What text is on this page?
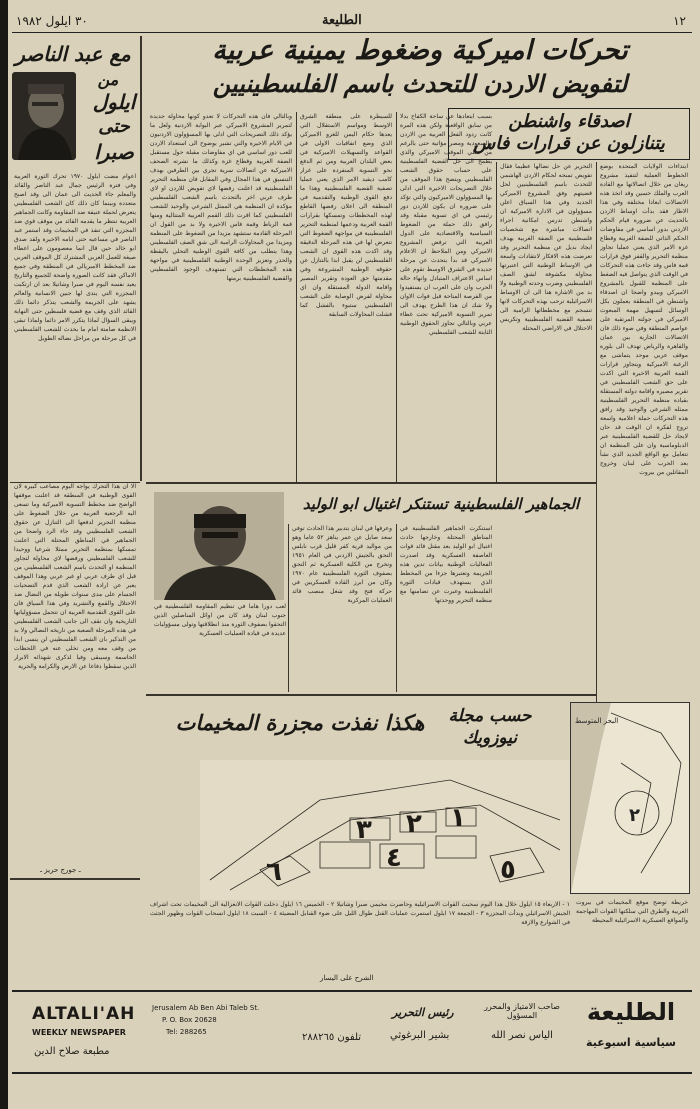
٣٠ ايلول ١٩٨٢	الطليعة	١٢
مع عبد الناصر
من
ايلول
حتى
صبرا
اعوام مضت ايلول ١٩٧٠ تحرك الثورة العربية وفي فترة الرئيس جمال عبد الناصر والقائد والمعلم جاء الحديث الى عمان الى وقد اصبح متعددة وبينما كان ذلك كان الشعب الفلسطيني يتعرض لحملة عنيفة ضد المقاومة وكانت الجماهير العربية تنتظر ما يقدمه القائد من موقف قوي ضد المجزرة التي تنفذ في المخيمات وقد استمر عبد الناصر في مساعيه حتى ايامه الاخيرة ولقد صدق ابو خالد حين قال انما معصومون على اعطاء صيغة للعمل العربي المشترك كل الموقف العربي ضد المخطط الامبريالي في المنطقة وفي جميع الاماكن فقد كانت الصورة واضحة للجميع والتاريخ يعيد نفسه اليوم في صبرا وشاتيلا بعد ان ارتكبت المجزرة التي يندى لها جبين الانسانية والعالم يشهد على الجريمة والشعب يتذكر دائما ذلك القائد الذي وقف مع قضية فلسطين حتى النهاية ويبقى السؤال لماذا يتكرر الامر دائما ولماذا تبقى الانظمة صامتة امام ما يحدث للشعب الفلسطيني في كل مرحلة من مراحل نضاله الطويل
الا ان هذا التحرك يواجه اليوم مصاعب كبيرة لان القوى الوطنية في المنطقة قد اعلنت موقفها الواضح ضد مخطط التسوية الاميركية وما تسعى اليه الرجعية العربية من خلال الضغوط على منظمة التحرير لدفعها الى التنازل عن حقوق الشعب الفلسطيني وقد جاء الرد واضحا من الجماهير في المناطق المحتلة التي اعلنت تمسكها بمنظمة التحرير ممثلا شرعيا ووحيدا للشعب الفلسطيني ورفضها لاي محاولة لتجاوز المنظمة او التحدث باسم الشعب الفلسطيني من قبل اي طرف عربي او غير عربي وهذا الموقف يعبر عن ارادة الشعب الذي قدم التضحيات الجسام على مدى سنوات طويلة من النضال ضد الاحتلال والقمع والتشريد وفي هذا السياق فان على القوى التقدمية العربية ان تتحمل مسؤولياتها التاريخية وان تقف الى جانب الشعب الفلسطيني في هذه المرحلة الصعبة من تاريخه النضالي ولا بد من التذكير بان الشعب الفلسطيني لن ينسى ابدا من وقف معه ومن تخلى عنه في اللحظات الحاسمة وسيبقى وفيا لذكرى شهدائه الابرار الذين سقطوا دفاعا عن الارض والكرامة والحرية
ـ جورج حريز ـ
تحركات اميركية وضغوط يمينية عربية
لتفويض الاردن للتحدث باسم الفلسطينيين
اصدقاء واشنطن
يتنازلون عن قرارات فاس
ابتداءات الولايات المتحدة بوضع الخطوط العملية لتنفيذ مشروع ريغان من خلال اتصالاتها مع القادة العرب والملك حسين وقد اتخذ هذه الاتصالات ابعادا مختلفة وفي هذا الاطار فقد بدأت اوساط الاردن بالحديث عن ضرورة قيام الحكم الاردني بدور اساسي في مفاوضات الحكم الذاتي للضفة الغربية وقطاع غزة الامر الذي يعني عمليا تجاوز منظمة التحرير والقفز فوق قرارات قمة فاس وقد جاءت هذه التحركات في الوقت الذي يتواصل فيه الضغط على المنظمة للقبول بالمشروع الاميركي ويبدو واضحا ان اصدقاء واشنطن في المنطقة يعملون بكل الوسائل لتسهيل مهمة المبعوث الاميركي في جولته المرتقبة على عواصم المنطقة وفي ضوء ذلك فان الاتصالات الجارية بين عمان والقاهرة والرياض تهدف الى بلورة موقف عربي موحد يتماشى مع الرغبة الاميركية ويتجاوز قرارات القمة العربية الاخيرة التي اكدت على حق الشعب الفلسطيني في تقرير مصيره واقامة دولته المستقلة بقيادة منظمة التحرير الفلسطينية ممثله الشرعي والوحيد وقد رافق هذه التحركات حملة اعلامية واسعة تروج لفكرة ان الوقت قد حان لايجاد حل للقضية الفلسطينية عبر الدبلوماسية وان على المنظمة ان تتعامل مع الواقع الجديد الذي نشأ بعد الحرب على لبنان وخروج المقاتلين من بيروت
التحرير عن حل نضالها عظيما فقال تفويض تمنحه لحكام الاردن الهاشمي للتحدث باسم الفلسطينيين لحل قضيتهم وفق المشروع الاميركي الجديد وفي هذا السياق اعلن مسؤولون في الادارة الاميركية ان واشنطن تدرس امكانية اجراء اتصالات مباشرة مع شخصيات فلسطينية من الضفة الغربية بهدف ايجاد بديل عن منظمة التحرير وقد تعرضت هذه الافكار لانتقادات واسعة في الاوساط الوطنية التي اعتبرتها محاولة مكشوفة لشق الصف الفلسطيني وضرب وحدته الوطنية ولا بد من الاشارة هنا الى ان الاوساط الاسرائيلية ترحب بهذه التحركات لانها تنسجم مع مخططاتها الرامية الى تصفية القضية الفلسطينية وتكريس الاحتلال في الاراضي المحتلة
بسبب ابتعادها عن ساحة الكفاح بدلا من سابق الواقعية ولكن هذه المرة كانت ردود الفعل العربية من الاردن والسعودية ومصر مؤاتية حتى بالرغم من تخلي الموقف الاميركي والذي يطمح الى حل القضية الفلسطينية على حساب حقوق الشعب الفلسطيني ويتضح هذا الموقف من خلال التصريحات الاخيرة التي ادلى بها المسؤولون الاميركيون والتي تؤكد على ضرورة ان يكون للاردن دور رئيسي في اي تسوية مقبلة وقد رافق ذلك حملة من الضغوط السياسية والاقتصادية على الدول العربية التي ترفض المشروع الاميركي ومن الملاحظ ان الاعلام الاميركي قد بدأ يتحدث عن مرحلة جديدة في الشرق الاوسط تقوم على اساس الاعتراف المتبادل وانهاء حالة الحرب وان على العرب ان يستفيدوا من الفرصة المتاحة قبل فوات الاوان ولا شك ان هذا الطرح يهدف الى تمرير التسوية الاميركية تحت غطاء عربي وبالتالي تجاوز الحقوق الوطنية الثابتة للشعب الفلسطيني
للسيطرة على منطقة الشرق الاوسط ومواسم الاستقلال التي يعدها حكام اليمن للغزو الاميركي الذي وضع اتفاقيات الاولى في القواعد والتسهيلات الاميركية في بعض البلدان العربية ومن ثم الدفع نحو التسوية المنفردة على غرار كامب ديفيد الامر الذي يعني عمليا تصفية القضية الفلسطينية وهذا ما دفع القوى الوطنية والتقدمية في المنطقة الى اعلان رفضها القاطع لهذه المخططات وتمسكها بقرارات القمة العربية ودعمها لمنظمة التحرير الفلسطينية في مواجهة الضغوط التي تتعرض لها في هذه المرحلة الدقيقة وقد اكدت هذه القوى ان الشعب الفلسطيني لن يقبل ابدا بالتنازل عن حقوقه الوطنية المشروعة وفي مقدمتها حق العودة وتقرير المصير واقامة الدولة المستقلة وان اي محاولة لفرض الوصاية على الشعب الفلسطيني ستبوء بالفشل كما فشلت المحاولات السابقة
وبالتالي فان هذه التحركات لا تعدو كونها محاولة جديدة لتمرير المشروع الاميركي عبر البوابة الاردنية ولعل ما يؤكد ذلك التصريحات التي ادلى بها المسؤولون الاردنيون في الايام الاخيرة والتي تشير بوضوح الى استعداد الاردن للعب دور اساسي في اي مفاوضات مقبلة حول مستقبل الضفة الغربية وقطاع غزة وكذلك ما نشرته الصحف الاميركية عن اتصالات سرية تجري بين الطرفين بهدف التنسيق في هذا المجال وفي المقابل فان منظمة التحرير الفلسطينية قد اعلنت رفضها لاي تفويض للاردن او لاي طرف عربي اخر بالتحدث باسم الشعب الفلسطيني مؤكدة ان المنظمة هي الممثل الشرعي والوحيد للشعب الفلسطيني كما اقرت ذلك القمم العربية المتتالية ومنها قمة الرباط وقمة فاس الاخيرة ولا بد من القول ان المرحلة القادمة ستشهد مزيدا من الضغوط على المنظمة ومزيدا من المحاولات الرامية الى شق الصف الفلسطيني وهذا يتطلب من كافة القوى الوطنية التحلي باليقظة والحذر وتعزيز الوحدة الوطنية الفلسطينية في مواجهة هذه المخططات التي تستهدف الوجود الفلسطيني والقضية الفلسطينية برمتها
الجماهير الفلسطينية تستنكر اغتيال ابو الوليد
لعب دورا هاما في تنظيم المقاومة الفلسطينية في جنوب لبنان وقد كان من اوائل المناضلين الذين التحقوا بصفوف الثورة منذ انطلاقتها وتولى مسؤوليات عديدة في قيادة العمليات العسكرية
وعرفها في لبنان بتدبير هذا الحادث توفي سعد صايل عن عمر يناهز ٥٢ عاما وهو من مواليد قرية كفر قليل قرب نابلس التحق بالجيش الاردني في العام ١٩٥١ وتخرج من الكلية العسكرية ثم التحق بصفوف الثورة الفلسطينية عام ١٩٧٠ وكان من ابرز القادة العسكريين في حركة فتح وقد شغل منصب قائد العمليات المركزية
استنكرت الجماهير الفلسطينية في المناطق المحتلة وخارجها حادث اغتيال ابو الوليد بعد مقتل قائد قوات العاصفة العسكرية وقد اصدرت الفعاليات الوطنية بيانات تدين هذه الجريمة وتعتبرها جزءا من المخطط الذي يستهدف قيادات الثورة الفلسطينية وعبرت عن تضامنها مع منظمة التحرير ووحدتها
حسب مجلة
نيوزويك
هكذا نفذت مجزرة المخيمات
٣ ٢ ١
٤	٥
٦
البحر المتوسط
٢
١ - الاربعاء ١٥ ايلول خلال هذا اليوم سحبت القوات الاسرائيلية وحاصرت مخيمي صبرا وشاتيلا ٢ - الخميس ١٦ ايلول دخلت القوات الانعزالية الى المخيمات تحت اشراف الجيش الاسرائيلي وبدأت المجزرة ٣ - الجمعة ١٧ ايلول استمرت عمليات القتل طوال الليل على ضوء القنابل المضيئة ٤ - السبت ١٨ ايلول انسحاب القوات وظهور الجثث في الشوارع والازقة
الشرح على اليسار
خريطة توضح موقع المخيمات في بيروت الغربية والطرق التي سلكتها القوات المهاجمة والمواقع العسكرية الاسرائيلية المحيطة
ALTALI'AH
WEEKLY NEWSPAPER
مطبعة صلاح الدين
Jerusalem Ab Ben Abi Taleb St.
P. O. Box 20628
Tel: 288265	تلفون ٢٨٨٢٦٥
رئيس التحرير
بشير البرغوثي
صاحب الامتياز والمحرر المسؤول
الياس نصر الله
الطليعة
سياسية اسبوعية
